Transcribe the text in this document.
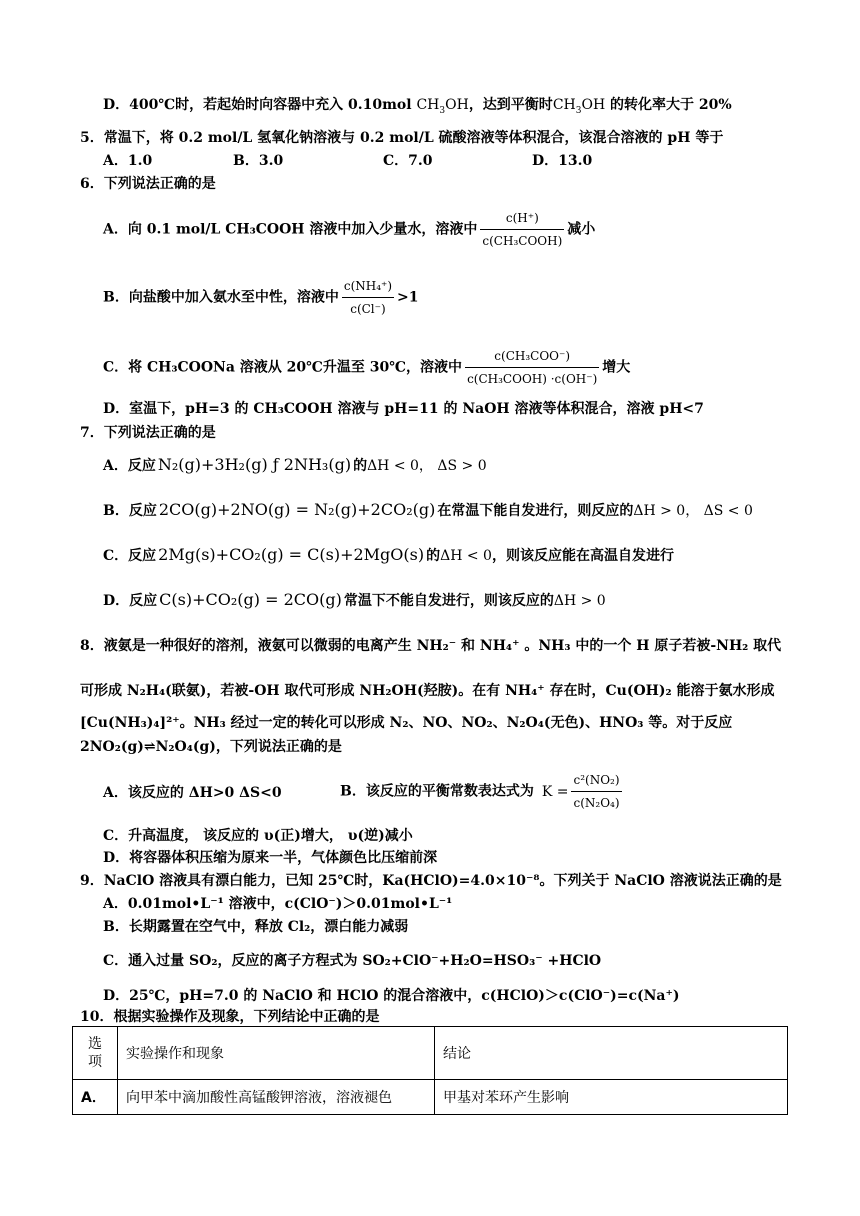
D．400℃时，若起始时向容器中充入 0.10mol $CH_3OH$，达到平衡时$CH_3OH$ 的转化率大于 20%
5．常温下，将 0.2 mol/L 氢氧化钠溶液与 0.2 mol/L 硫酸溶液等体积混合，该混合溶液的 pH 等于
A．1.0	B．3.0	C．7.0	D．13.0
6．下列说法正确的是
A．向 0.1 mol/L CH₃COOH 溶液中加入少量水，溶液中 $\frac{c(H^+)}{\text{c(CH₃COOH)}}$ 减小
B．向盐酸中加入氨水至中性，溶液中 $\frac{\text{c(NH₄⁺)}}{c(Cl^-)} >1$
C．将 CH₃COONa 溶液从 20℃升温至 30℃，溶液中 $\frac{\text{c(CH₃COO⁻)}}{\text{c(CH₃COOH) ·c(OH⁻)}}$ 增大
D．室温下，pH=3 的 CH₃COOH 溶液与 pH=11 的 NaOH 溶液等体积混合，溶液 pH<7
7．下列说法正确的是
A．反应 N₂(g)+3H₂(g) ƒ 2NH₃(g) 的ΔH < 0， ΔS > 0
B．反应 2CO(g)+2NO(g) = N₂(g)+2CO₂(g) 在常温下能自发进行，则反应的ΔH > 0， ΔS < 0
C．反应 2Mg(s)+CO₂(g) = C(s)+2MgO(s) 的ΔH < 0，则该反应能在高温自发进行
D．反应 C(s)+CO₂(g) = 2CO(g) 常温下不能自发进行，则该反应的ΔH > 0
8．液氨是一种很好的溶剂，液氨可以微弱的电离产生 NH₂⁻ 和 NH₄⁺ 。NH₃ 中的一个 H 原子若被-NH₂ 取代
可形成 N₂H₄(联氨)，若被-OH 取代可形成 NH₂OH(羟胺)。在有 NH₄⁺ 存在时，Cu(OH)₂ 能溶于氨水形成
[Cu(NH₃)₄]²⁺。NH₃ 经过一定的转化可以形成 N₂、NO、NO₂、N₂O₄(无色)、HNO₃ 等。对于反应
2NO₂(g)⇌N₂O₄(g)，下列说法正确的是
A．该反应的 ΔH>0 ΔS<0	B．该反应的平衡常数表达式为 $K = \frac{\text{c²(NO₂)}}{\text{c(N₂O₄)}}$
C．升高温度， 该反应的 υ(正)增大， υ(逆)减小
D．将容器体积压缩为原来一半，气体颜色比压缩前深
9．NaClO 溶液具有漂白能力，已知 25℃时，Ka(HClO)=4.0×10⁻⁸。下列关于 NaClO 溶液说法正确的是
A．0.01mol•L⁻¹ 溶液中，c(ClO⁻)＞0.01mol•L⁻¹
B．长期露置在空气中，释放 Cl₂，漂白能力减弱
C．通入过量 SO₂，反应的离子方程式为 SO₂+ClO⁻+H₂O=HSO₃⁻ +HClO
D．25℃，pH=7.0 的 NaClO 和 HClO 的混合溶液中，c(HClO)＞c(ClO⁻)=c(Na⁺)
10．根据实验操作及现象，下列结论中正确的是
选
项	实验操作和现象	结论
A．	向甲苯中滴加酸性高锰酸钾溶液，溶液褪色	甲基对苯环产生影响
